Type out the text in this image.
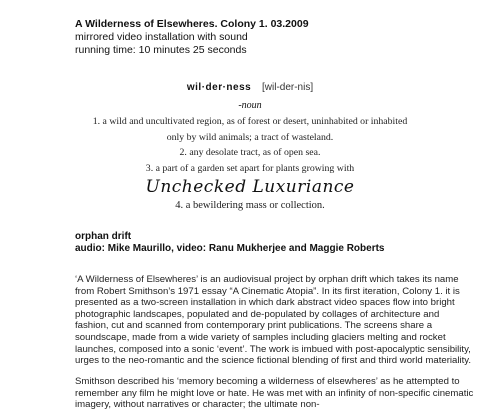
A Wilderness of Elsewheres. Colony 1. 03.2009
mirrored video installation with sound
running time: 10 minutes 25 seconds
wil·der·ness [wil-der-nis]
-noun
1. a wild and uncultivated region, as of forest or desert, uninhabited or inhabited only by wild animals; a tract of wasteland.
2. any desolate tract, as of open sea.
3. a part of a garden set apart for plants growing with
Unchecked Luxuriance
4. a bewildering mass or collection.
orphan drift
audio: Mike Maurillo, video: Ranu Mukherjee and Maggie Roberts
‘A Wilderness of Elsewheres’ is an audiovisual project by orphan drift which takes its name from Robert Smithson’s 1971 essay “A Cinematic Atopia”. In its first iteration, Colony 1. it is presented as a two-screen installation in which dark abstract video spaces flow into bright photographic landscapes, populated and de-populated by collages of architecture and fashion, cut and scanned from contemporary print publications. The screens share a soundscape, made from a wide variety of samples including glaciers melting and rocket launches, composed into a sonic ‘event’. The work is imbued with post-apocalyptic sensibility, urges to the neo-romantic and the science fictional blending of first and third world materiality.
Smithson described his ‘memory becoming a wilderness of elsewheres’ as he attempted to remember any film he might love or hate. He was met with an infinity of non-specific cinematic imagery, without narratives or character; the ultimate non-
